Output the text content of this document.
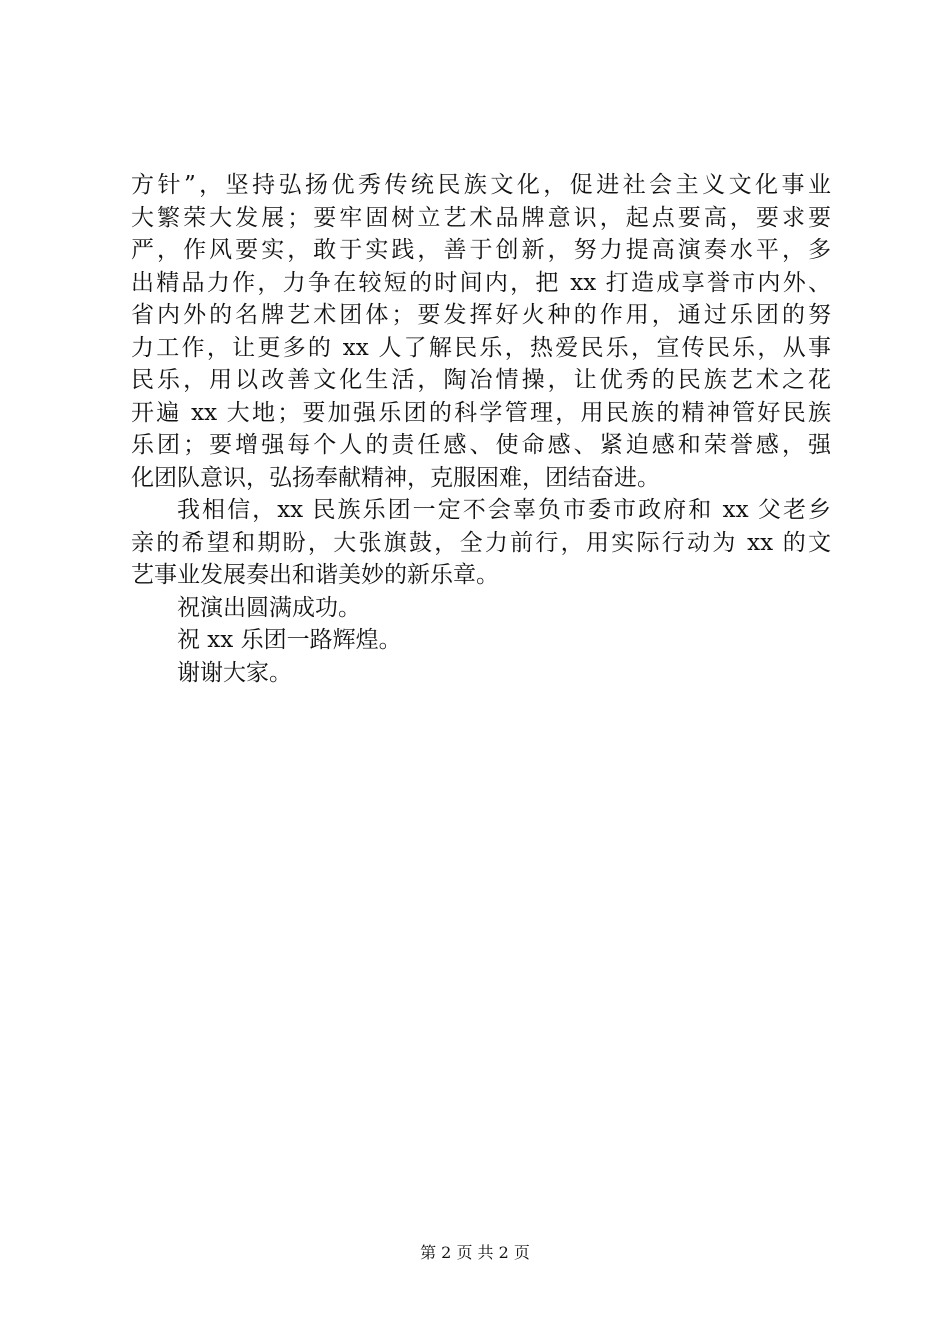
方针”，坚持弘扬优秀传统民族文化，促进社会主义文化事业
大繁荣大发展；要牢固树立艺术品牌意识，起点要高，要求要
严，作风要实，敢于实践，善于创新，努力提高演奏水平，多
出精品力作，力争在较短的时间内，把 xx 打造成享誉市内外、
省内外的名牌艺术团体；要发挥好火种的作用，通过乐团的努
力工作，让更多的 xx 人了解民乐，热爱民乐，宣传民乐，从事
民乐，用以改善文化生活，陶冶情操，让优秀的民族艺术之花
开遍 xx 大地；要加强乐团的科学管理，用民族的精神管好民族
乐团；要增强每个人的责任感、使命感、紧迫感和荣誉感，强
化团队意识，弘扬奉献精神，克服困难，团结奋进。
我相信，xx 民族乐团一定不会辜负市委市政府和 xx 父老乡
亲的希望和期盼，大张旗鼓，全力前行，用实际行动为 xx 的文
艺事业发展奏出和谐美妙的新乐章。
祝演出圆满成功。
祝 xx 乐团一路辉煌。
谢谢大家。
第 2 页 共 2 页
